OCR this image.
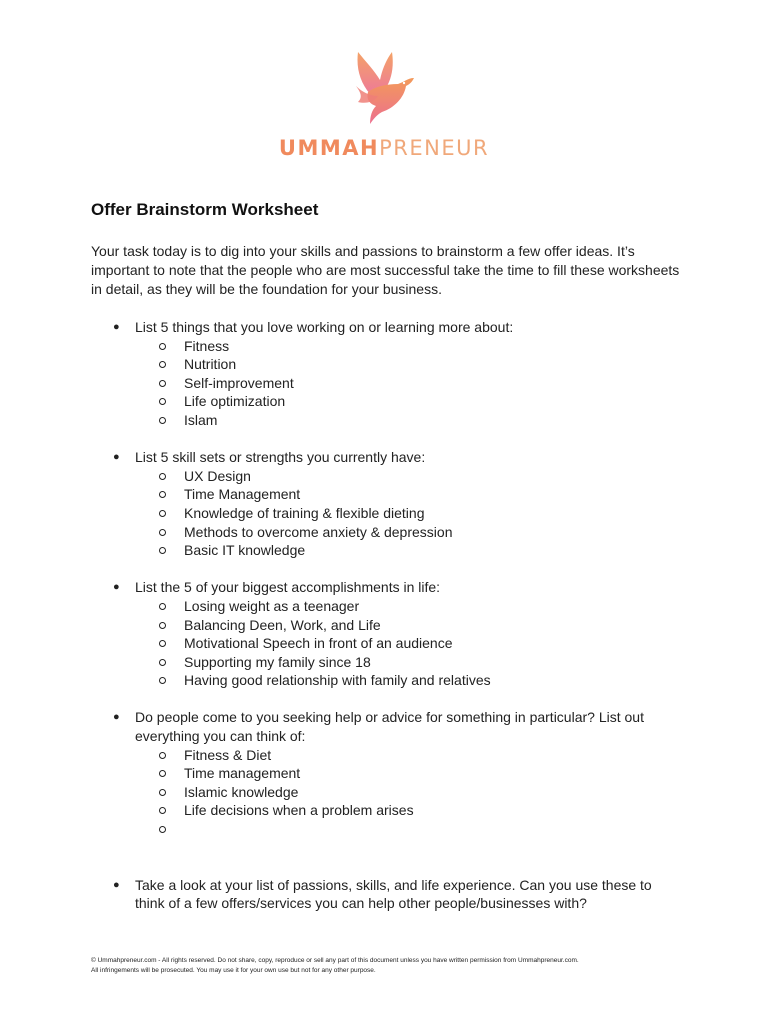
UMMAHPRENEUR
Offer Brainstorm Worksheet

Your task today is to dig into your skills and passions to brainstorm a few offer ideas. It’s important to note that the people who are most successful take the time to fill these worksheets in detail, as they will be the foundation for your business.

● List 5 things that you love working on or learning more about:
Fitness
Nutrition
Self-improvement
Life optimization
Islam
● List 5 skill sets or strengths you currently have:
UX Design
Time Management
Knowledge of training & flexible dieting
Methods to overcome anxiety & depression
Basic IT knowledge
● List the 5 of your biggest accomplishments in life:
Losing weight as a teenager
Balancing Deen, Work, and Life
Motivational Speech in front of an audience
Supporting my family since 18
Having good relationship with family and relatives
● Do people come to you seeking help or advice for something in particular? List out everything you can think of:
Fitness & Diet
Time management
Islamic knowledge
Life decisions when a problem arises
● Take a look at your list of passions, skills, and life experience. Can you use these to think of a few offers/services you can help other people/businesses with?
© Ummahpreneur.com - All rights reserved. Do not share, copy, reproduce or sell any part of this document unless you have written permission from Ummahpreneur.com.
All infringements will be prosecuted. You may use it for your own use but not for any other purpose.
